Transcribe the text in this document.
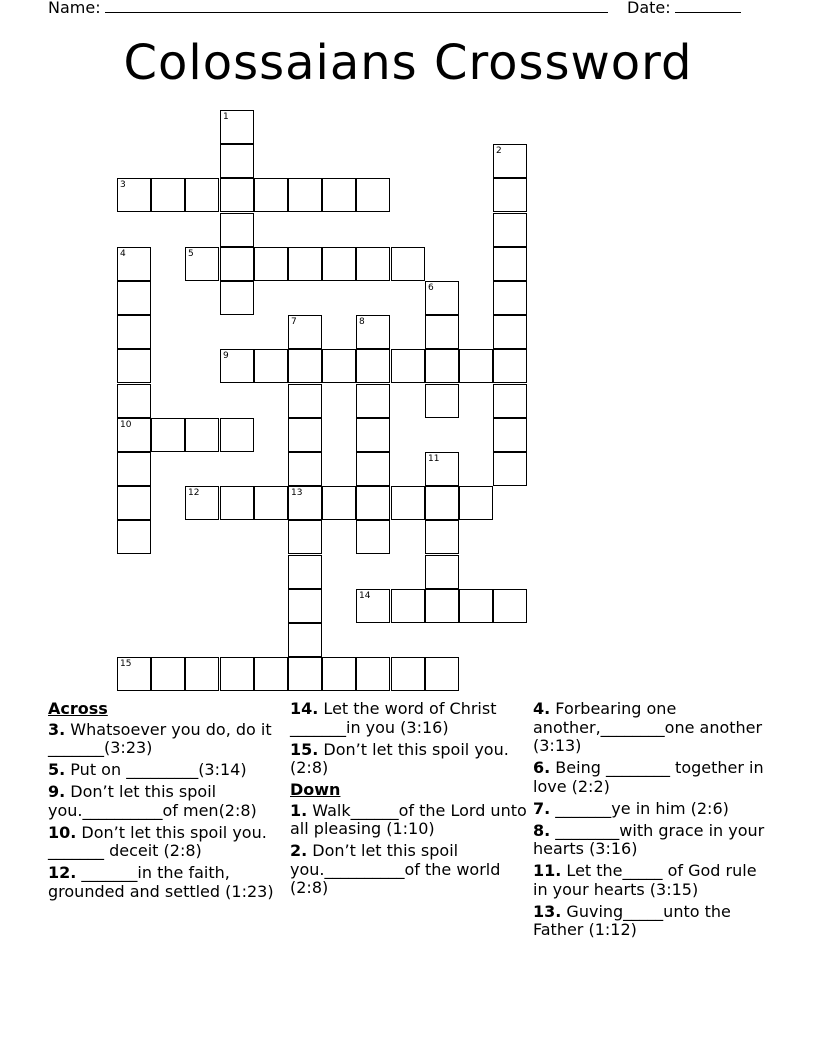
Name:	Date:
Colossaians Crossword
1
2
3
4
10
5
6
7	8
9
11
12	13
14
15
Across
3. Whatsoever you do, do it _______(3:23)
5. Put on _________(3:14)
9. Don’t let this spoil you.__________of men(2:8)
10. Don’t let this spoil you. _______ deceit (2:8)
12. _______in the faith, grounded and settled (1:23)
14. Let the word of Christ _______in you (3:16)
15. Don’t let this spoil you. (2:8)
Down
1. Walk______of the Lord unto all pleasing (1:10)
2. Don’t let this spoil you.__________of the world (2:8)
4. Forbearing one another,________one another (3:13)
6. Being ________ together in love (2:2)
7. _______ye in him (2:6)
8. ________with grace in your hearts (3:16)
11. Let the_____ of God rule in your hearts (3:15)
13. Guving_____unto the Father (1:12)
